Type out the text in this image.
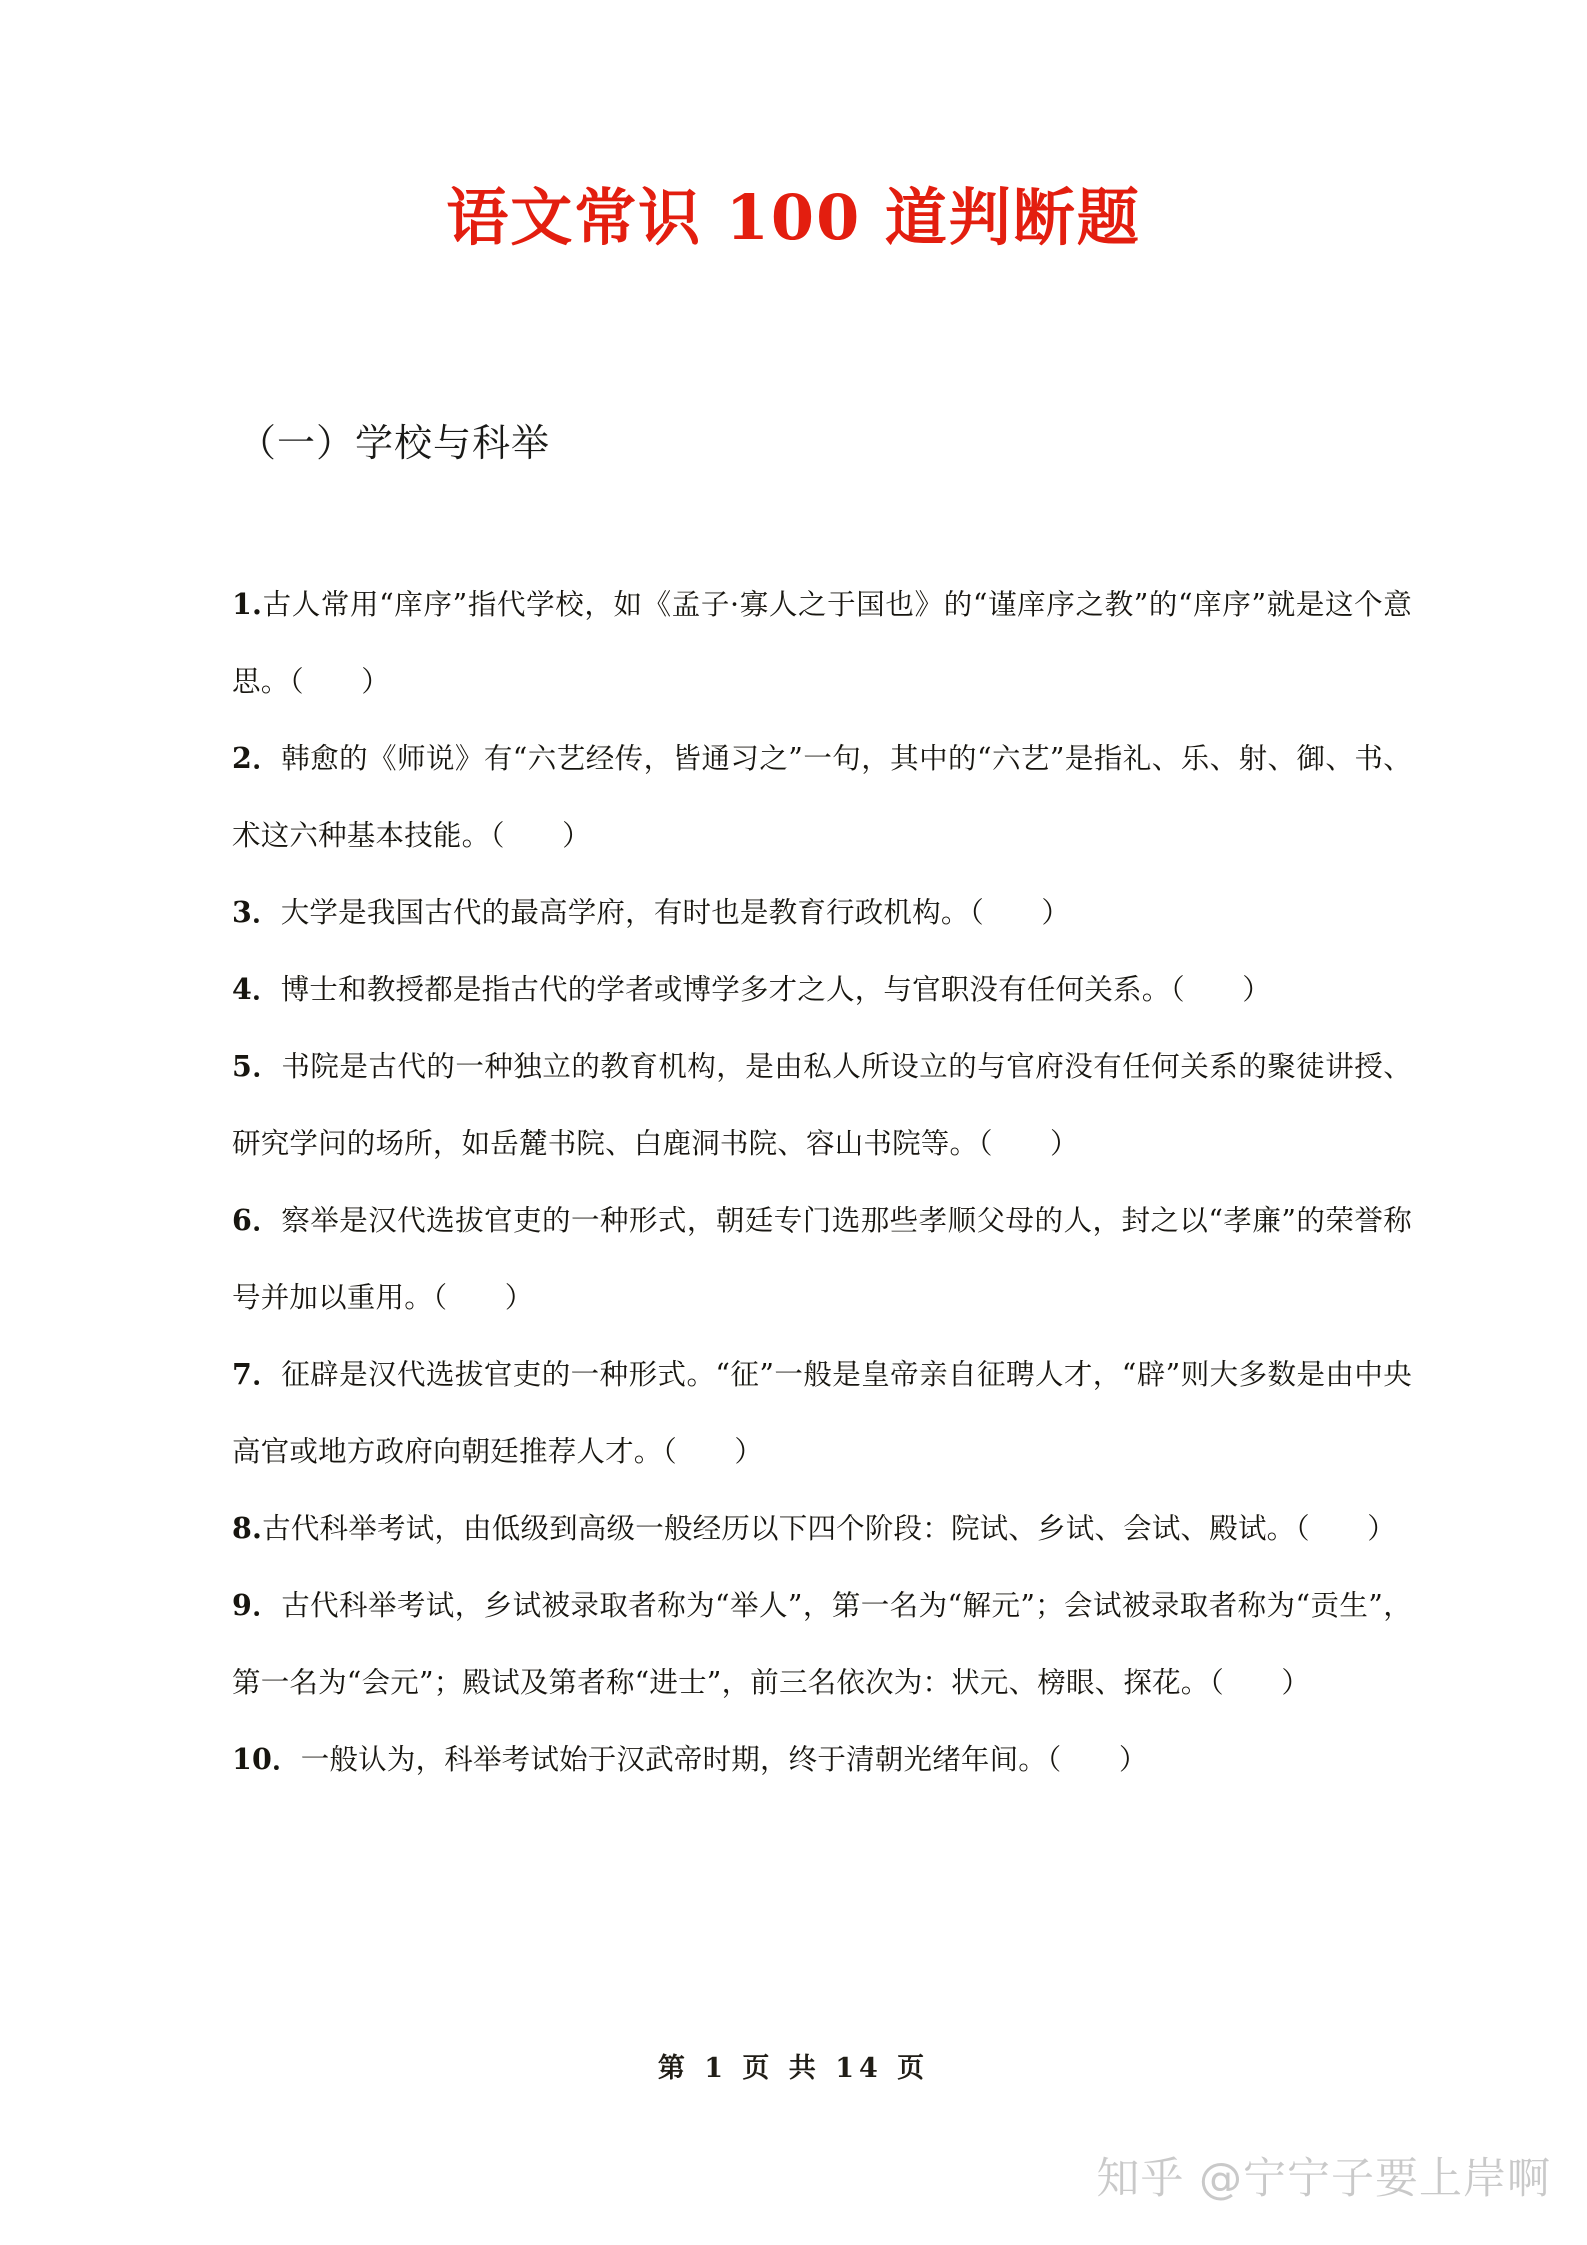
语文常识 100 道判断题
（一）学校与科举

1.古人常用“庠序”指代学校，如《孟子·寡人之于国也》的“谨庠序之教”的“庠序”就是这个意思。（　　）

2．韩愈的《师说》有“六艺经传，皆通习之”一句，其中的“六艺”是指礼、乐、射、御、书、术这六种基本技能。（　　）

3．大学是我国古代的最高学府，有时也是教育行政机构。（　　）

4．博士和教授都是指古代的学者或博学多才之人，与官职没有任何关系。（　　）

5．书院是古代的一种独立的教育机构，是由私人所设立的与官府没有任何关系的聚徒讲授、研究学问的场所，如岳麓书院、白鹿洞书院、容山书院等。（　　）

6．察举是汉代选拔官吏的一种形式，朝廷专门选那些孝顺父母的人，封之以“孝廉”的荣誉称号并加以重用。（　　）

7．征辟是汉代选拔官吏的一种形式。“征”一般是皇帝亲自征聘人才，“辟”则大多数是由中央高官或地方政府向朝廷推荐人才。（　　）

8.古代科举考试，由低级到高级一般经历以下四个阶段：院试、乡试、会试、殿试。（　　）

9．古代科举考试，乡试被录取者称为“举人”，第一名为“解元”；会试被录取者称为“贡生”，第一名为“会元”；殿试及第者称“进士”，前三名依次为：状元、榜眼、探花。（　　）

10．一般认为，科举考试始于汉武帝时期，终于清朝光绪年间。（　　）

第 1 页 共 14 页
知乎 @宁宁子要上岸啊
